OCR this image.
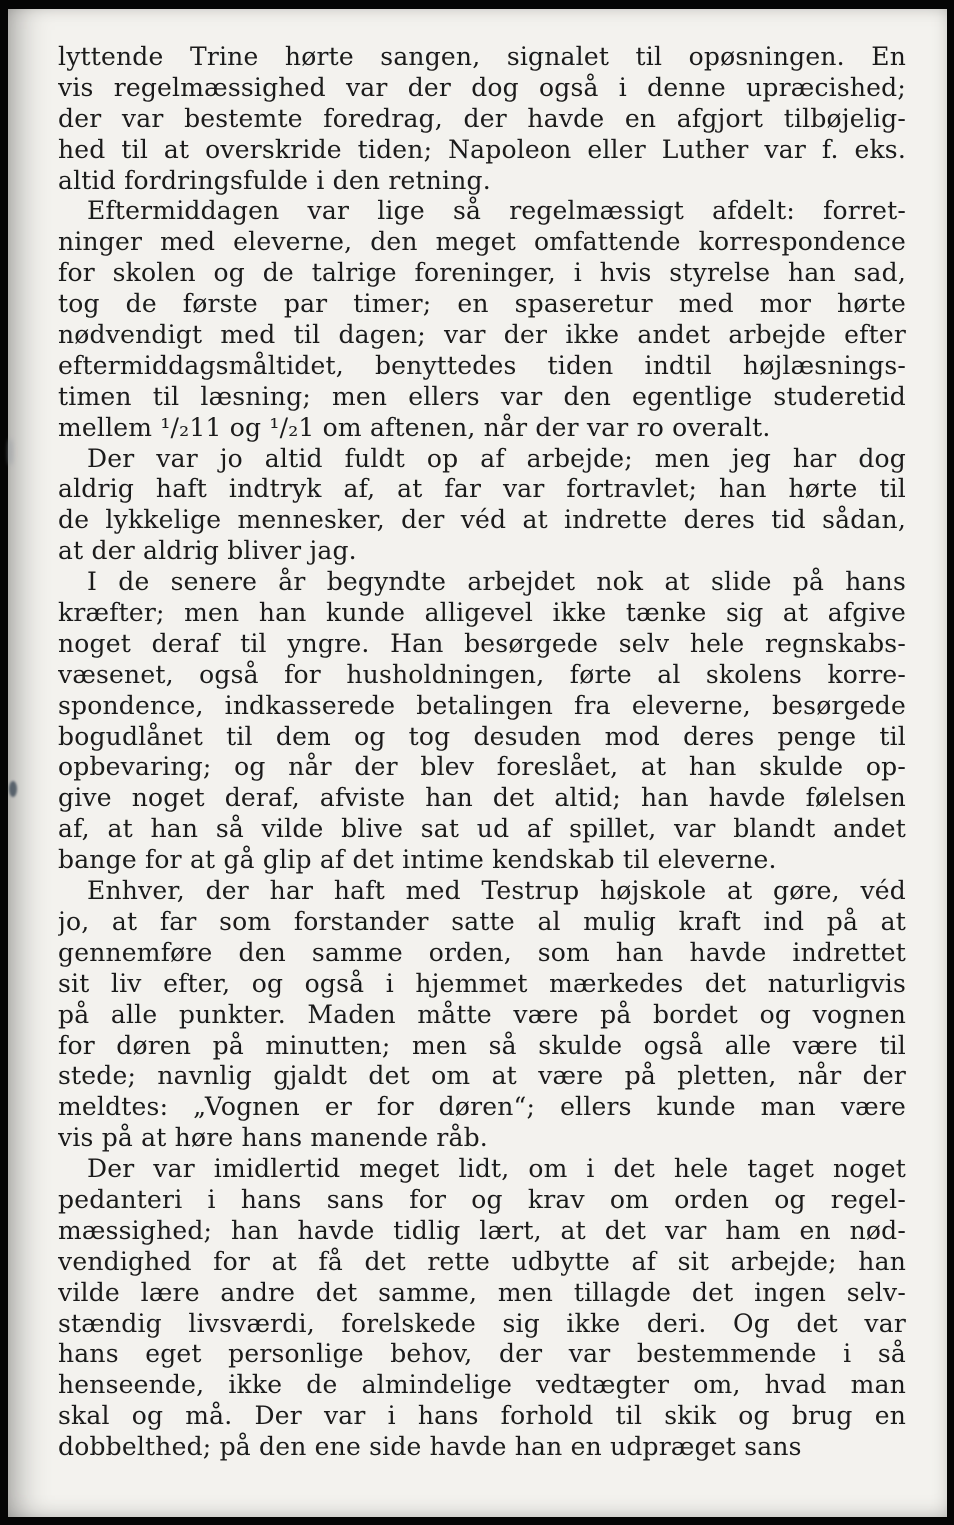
lyttende Trine hørte sangen, signalet til opøsningen. En
vis regelmæssighed var der dog også i denne upræcished;
der var bestemte foredrag, der havde en afgjort tilbøjelig-
hed til at overskride tiden; Napoleon eller Luther var f. eks.
altid fordringsfulde i den retning.
Eftermiddagen var lige så regelmæssigt afdelt: forret-
ninger med eleverne, den meget omfattende korrespondence
for skolen og de talrige foreninger, i hvis styrelse han sad,
tog de første par timer; en spaseretur med mor hørte
nødvendigt med til dagen; var der ikke andet arbejde efter
eftermiddagsmåltidet, benyttedes tiden indtil højlæsnings-
timen til læsning; men ellers var den egentlige studeretid
mellem ¹/₂11 og ¹/₂1 om aftenen, når der var ro overalt.
Der var jo altid fuldt op af arbejde; men jeg har dog
aldrig haft indtryk af, at far var fortravlet; han hørte til
de lykkelige mennesker, der véd at indrette deres tid sådan,
at der aldrig bliver jag.
I de senere år begyndte arbejdet nok at slide på hans
kræfter; men han kunde alligevel ikke tænke sig at afgive
noget deraf til yngre. Han besørgede selv hele regnskabs-
væsenet, også for husholdningen, førte al skolens korre-
spondence, indkasserede betalingen fra eleverne, besørgede
bogudlånet til dem og tog desuden mod deres penge til
opbevaring; og når der blev foreslået, at han skulde op-
give noget deraf, afviste han det altid; han havde følelsen
af, at han så vilde blive sat ud af spillet, var blandt andet
bange for at gå glip af det intime kendskab til eleverne.
Enhver, der har haft med Testrup højskole at gøre, véd
jo, at far som forstander satte al mulig kraft ind på at
gennemføre den samme orden, som han havde indrettet
sit liv efter, og også i hjemmet mærkedes det naturligvis
på alle punkter. Maden måtte være på bordet og vognen
for døren på minutten; men så skulde også alle være til
stede; navnlig gjaldt det om at være på pletten, når der
meldtes: „Vognen er for døren“; ellers kunde man være
vis på at høre hans manende råb.
Der var imidlertid meget lidt, om i det hele taget noget
pedanteri i hans sans for og krav om orden og regel-
mæssighed; han havde tidlig lært, at det var ham en nød-
vendighed for at få det rette udbytte af sit arbejde; han
vilde lære andre det samme, men tillagde det ingen selv-
stændig livsværdi, forelskede sig ikke deri. Og det var
hans eget personlige behov, der var bestemmende i så
henseende, ikke de almindelige vedtægter om, hvad man
skal og må. Der var i hans forhold til skik og brug en
dobbelthed; på den ene side havde han en udpræget sans
